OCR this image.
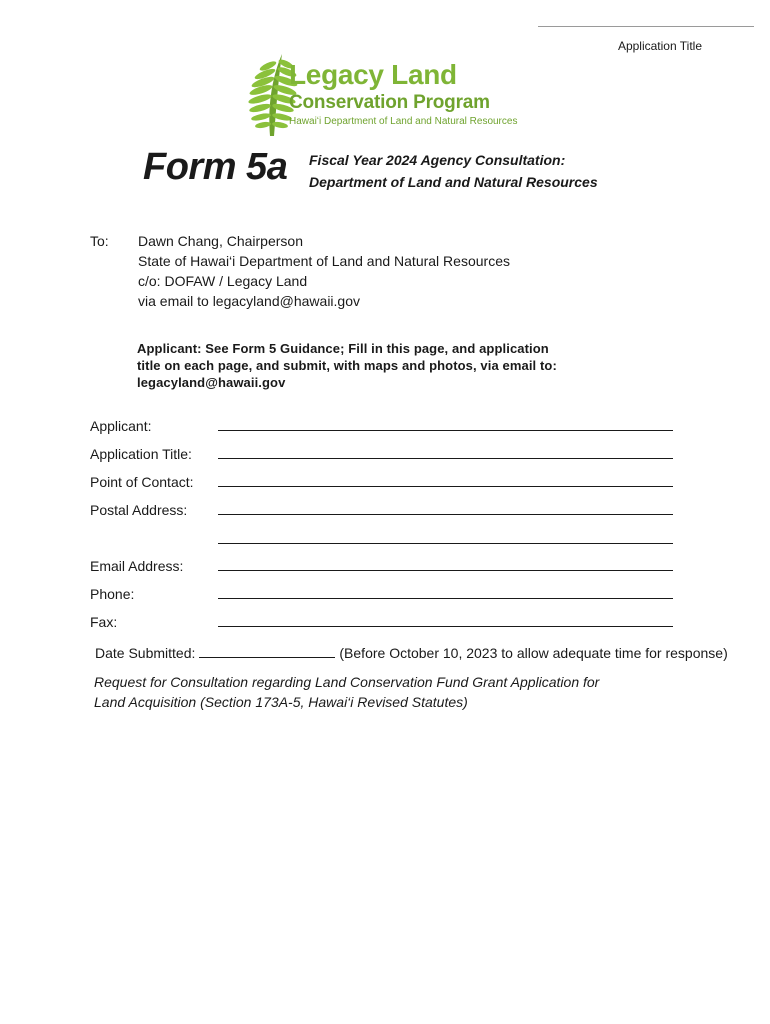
Application Title
Legacy Land
Conservation Program
Hawaiʻi Department of Land and Natural Resources
Form 5a Fiscal Year 2024 Agency Consultation:
Department of Land and Natural Resources
To: Dawn Chang, Chairperson
State of Hawai‘i Department of Land and Natural Resources
c/o: DOFAW / Legacy Land
via email to legacyland@hawaii.gov
Applicant: See Form 5 Guidance; Fill in this page, and application
title on each page, and submit, with maps and photos, via email to:
legacyland@hawaii.gov
Applicant:
Application Title:
Point of Contact:
Postal Address:
Email Address:
Phone:
Fax:
Date Submitted:	(Before October 10, 2023 to allow adequate time for response)
Request for Consultation regarding Land Conservation Fund Grant Application for
Land Acquisition (Section 173A-5, Hawai‘i Revised Statutes)
